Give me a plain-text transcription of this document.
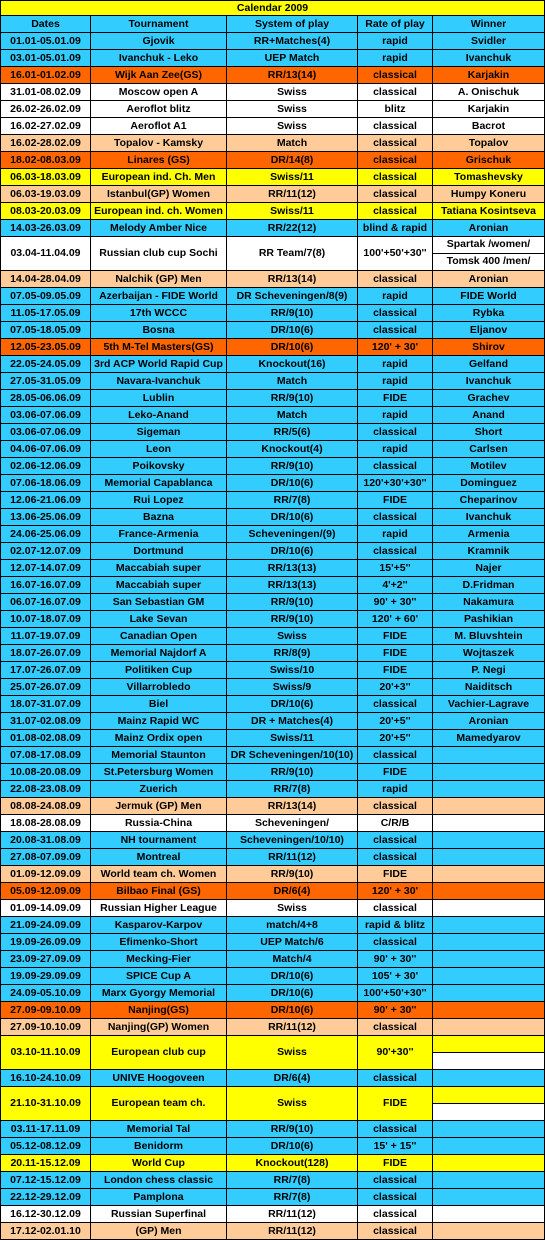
Calendar 2009				
Dates	Tournament	System of play	Rate of play	Winner
01.01-05.01.09	Gjovik	RR+Matches(4)	rapid	Svidler
03.01-05.01.09	Ivanchuk - Leko	UEP Match	rapid	Ivanchuk
16.01-01.02.09	Wijk Aan Zee(GS)	RR/13(14)	classical	Karjakin
31.01-08.02.09	Moscow open A	Swiss	classical	A. Onischuk
26.02-26.02.09	Aeroflot blitz	Swiss	blitz	Karjakin
16.02-27.02.09	Aeroflot A1	Swiss	classical	Bacrot
16.02-28.02.09	Topalov - Kamsky	Match	classical	Topalov
18.02-08.03.09	Linares (GS)	DR/14(8)	classical	Grischuk
06.03-18.03.09	European ind. Ch. Men	Swiss/11	classical	Tomashevsky
06.03-19.03.09	Istanbul(GP) Women	RR/11(12)	classical	Humpy Koneru
08.03-20.03.09	European ind. ch. Women	Swiss/11	classical	Tatiana Kosintseva
14.03-26.03.09	Melody Amber Nice	RR/22(12)	blind & rapid	Aronian
03.04-11.04.09	Russian club cup Sochi	RR Team/7(8)	100'+50'+30''	Spartak /women/
Tomsk 400 /men/

14.04-28.04.09	Nalchik (GP) Men	RR/13(14)	classical	Aronian
07.05-09.05.09	Azerbaijan - FIDE World	DR Scheveningen/8(9)	rapid	FIDE World
11.05-17.05.09	17th WCCC	RR/9(10)	classical	Rybka
07.05-18.05.09	Bosna	DR/10(6)	classical	Eljanov
12.05-23.05.09	5th M-Tel Masters(GS)	DR/10(6)	120' + 30'	Shirov
22.05-24.05.09	3rd ACP World Rapid Cup	Knockout(16)	rapid	Gelfand
27.05-31.05.09	Navara-Ivanchuk	Match	rapid	Ivanchuk
28.05-06.06.09	Lublin	RR/9(10)	FIDE	Grachev
03.06-07.06.09	Leko-Anand	Match	rapid	Anand
03.06-07.06.09	Sigeman	RR/5(6)	classical	Short
04.06-07.06.09	Leon	Knockout(4)	rapid	Carlsen
02.06-12.06.09	Poikovsky	RR/9(10)	classical	Motilev
07.06-18.06.09	Memorial Capablanca	DR/10(6)	120'+30'+30''	Dominguez
12.06-21.06.09	Rui Lopez	RR/7(8)	FIDE	Cheparinov
13.06-25.06.09	Bazna	DR/10(6)	classical	Ivanchuk
24.06-25.06.09	France-Armenia	Scheveningen/(9)	rapid	Armenia
02.07-12.07.09	Dortmund	DR/10(6)	classical	Kramnik
12.07-14.07.09	Maccabiah super	RR/13(13)	15'+5''	Najer
16.07-16.07.09	Maccabiah super	RR/13(13)	4'+2''	D.Fridman
06.07-16.07.09	San Sebastian GM	RR/9(10)	90' + 30''	Nakamura
10.07-18.07.09	Lake Sevan	RR/9(10)	120' + 60'	Pashikian
11.07-19.07.09	Canadian Open	Swiss	FIDE	M. Bluvshtein
18.07-26.07.09	Memorial Najdorf A	RR/8(9)	FIDE	Wojtaszek
17.07-26.07.09	Politiken Cup	Swiss/10	FIDE	P. Negi
25.07-26.07.09	Villarrobledo	Swiss/9	20'+3''	Naiditsch
18.07-31.07.09	Biel	DR/10(6)	classical	Vachier-Lagrave
31.07-02.08.09	Mainz Rapid WC	DR + Matches(4)	20'+5''	Aronian
01.08-02.08.09	Mainz Ordix open	Swiss/11	20'+5''	Mamedyarov
07.08-17.08.09	Memorial Staunton	DR Scheveningen/10(10)	classical	
10.08-20.08.09	St.Petersburg Women	RR/9(10)	FIDE	
22.08-23.08.09	Zuerich	RR/7(8)	rapid	
08.08-24.08.09	Jermuk (GP) Men	RR/13(14)	classical	
18.08-28.08.09	Russia-China	Scheveningen/	C/R/B	
20.08-31.08.09	NH tournament	Scheveningen/10/10)	classical	
27.08-07.09.09	Montreal	RR/11(12)	classical	
01.09-12.09.09	World team ch. Women	RR/9(10)	FIDE	
05.09-12.09.09	Bilbao Final (GS)	DR/6(4)	120' + 30'	
01.09-14.09.09	Russian Higher League	Swiss	classical	
21.09-24.09.09	Kasparov-Karpov	match/4+8	rapid & blitz	
19.09-26.09.09	Efimenko-Short	UEP Match/6	classical	
23.09-27.09.09	Mecking-Fier	Match/4	90' + 30''	
19.09-29.09.09	SPICE Cup A	DR/10(6)	105' + 30'	
24.09-05.10.09	Marx Gyorgy Memorial	DR/10(6)	100'+50'+30''	
27.09-09.10.09	Nanjing(GS)	DR/10(6)	90' + 30''	
27.09-10.10.09	Nanjing(GP) Women	RR/11(12)	classical	
03.10-11.10.09	European club cup	Swiss	90'+30''	

16.10-24.10.09	UNIVE Hoogoveen	DR/6(4)	classical	
21.10-31.10.09	European team ch.	Swiss	FIDE	

03.11-17.11.09	Memorial Tal	RR/9(10)	classical	
05.12-08.12.09	Benidorm	DR/10(6)	15' + 15''	
20.11-15.12.09	World Cup	Knockout(128)	FIDE	
07.12-15.12.09	London chess classic	RR/7(8)	classical	
22.12-29.12.09	Pamplona	RR/7(8)	classical	
16.12-30.12.09	Russian Superfinal	RR/11(12)	classical	
17.12-02.01.10	(GP) Men	RR/11(12)	classical	
